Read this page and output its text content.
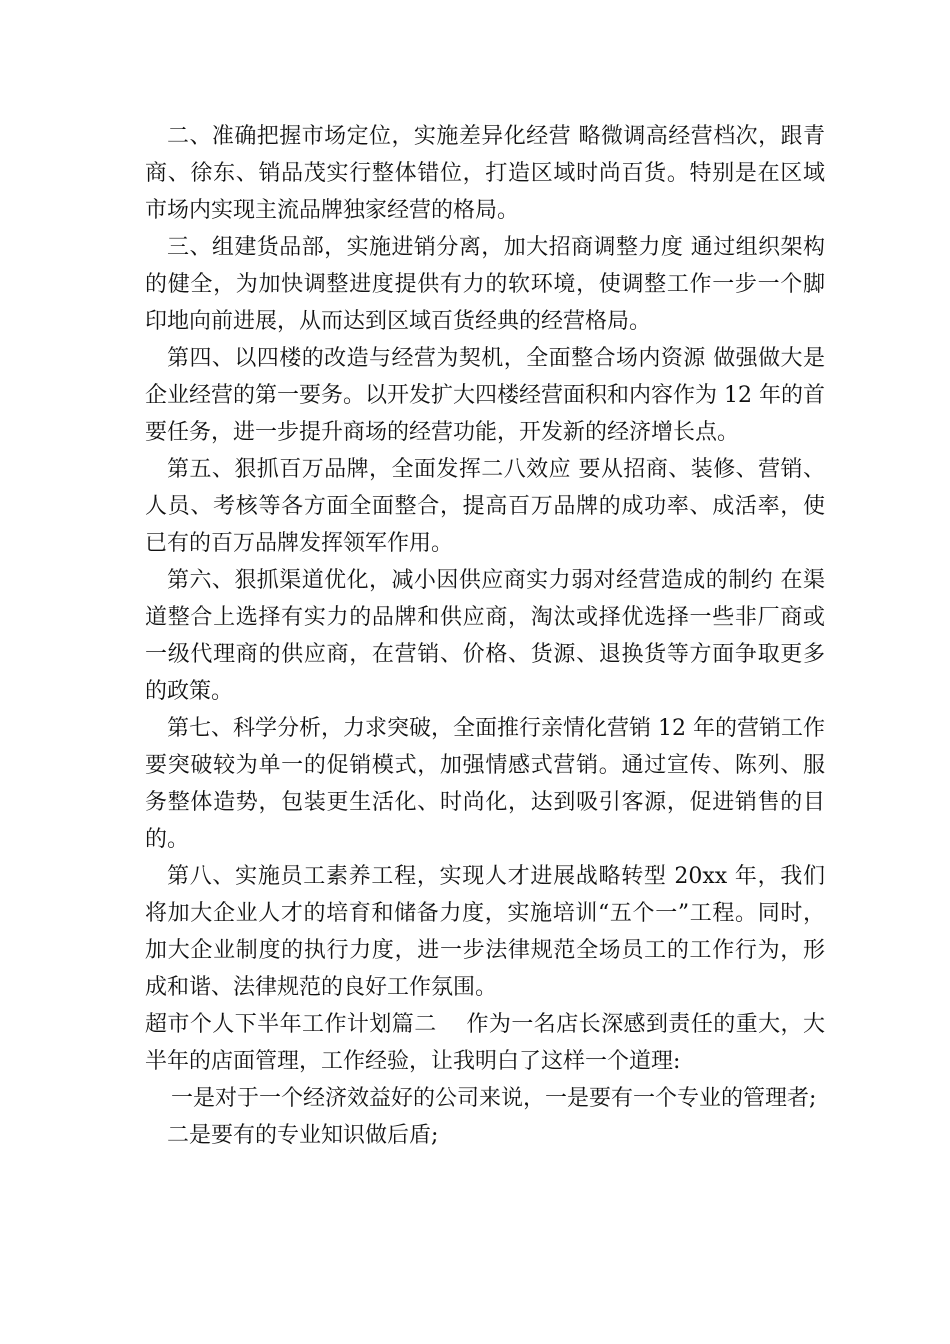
二、准确把握市场定位，实施差异化经营 略微调高经营档次，跟青商、徐东、销品茂实行整体错位，打造区域时尚百货。特别是在区域市场内实现主流品牌独家经营的格局。

三、组建货品部，实施进销分离，加大招商调整力度 通过组织架构的健全，为加快调整进度提供有力的软环境，使调整工作一步一个脚印地向前进展，从而达到区域百货经典的经营格局。

第四、以四楼的改造与经营为契机，全面整合场内资源 做强做大是企业经营的第一要务。以开发扩大四楼经营面积和内容作为 12 年的首要任务，进一步提升商场的经营功能，开发新的经济增长点。

第五、狠抓百万品牌，全面发挥二八效应 要从招商、装修、营销、人员、考核等各方面全面整合，提高百万品牌的成功率、成活率，使已有的百万品牌发挥领军作用。

第六、狠抓渠道优化，减小因供应商实力弱对经营造成的制约 在渠道整合上选择有实力的品牌和供应商，淘汰或择优选择一些非厂商或一级代理商的供应商，在营销、价格、货源、退换货等方面争取更多的政策。

第七、科学分析，力求突破，全面推行亲情化营销 12 年的营销工作要突破较为单一的促销模式，加强情感式营销。通过宣传、陈列、服务整体造势，包装更生活化、时尚化，达到吸引客源，促进销售的目的。

第八、实施员工素养工程，实现人才进展战略转型 20xx 年，我们将加大企业人才的培育和储备力度，实施培训“五个一”工程。同时，加大企业制度的执行力度，进一步法律规范全场员工的工作行为，形成和谐、法律规范的良好工作氛围。

超市个人下半年工作计划篇二　 作为一名店长深感到责任的重大，大半年的店面管理，工作经验，让我明白了这样一个道理:

一是对于一个经济效益好的公司来说，一是要有一个专业的管理者;

二是要有的专业知识做后盾;
